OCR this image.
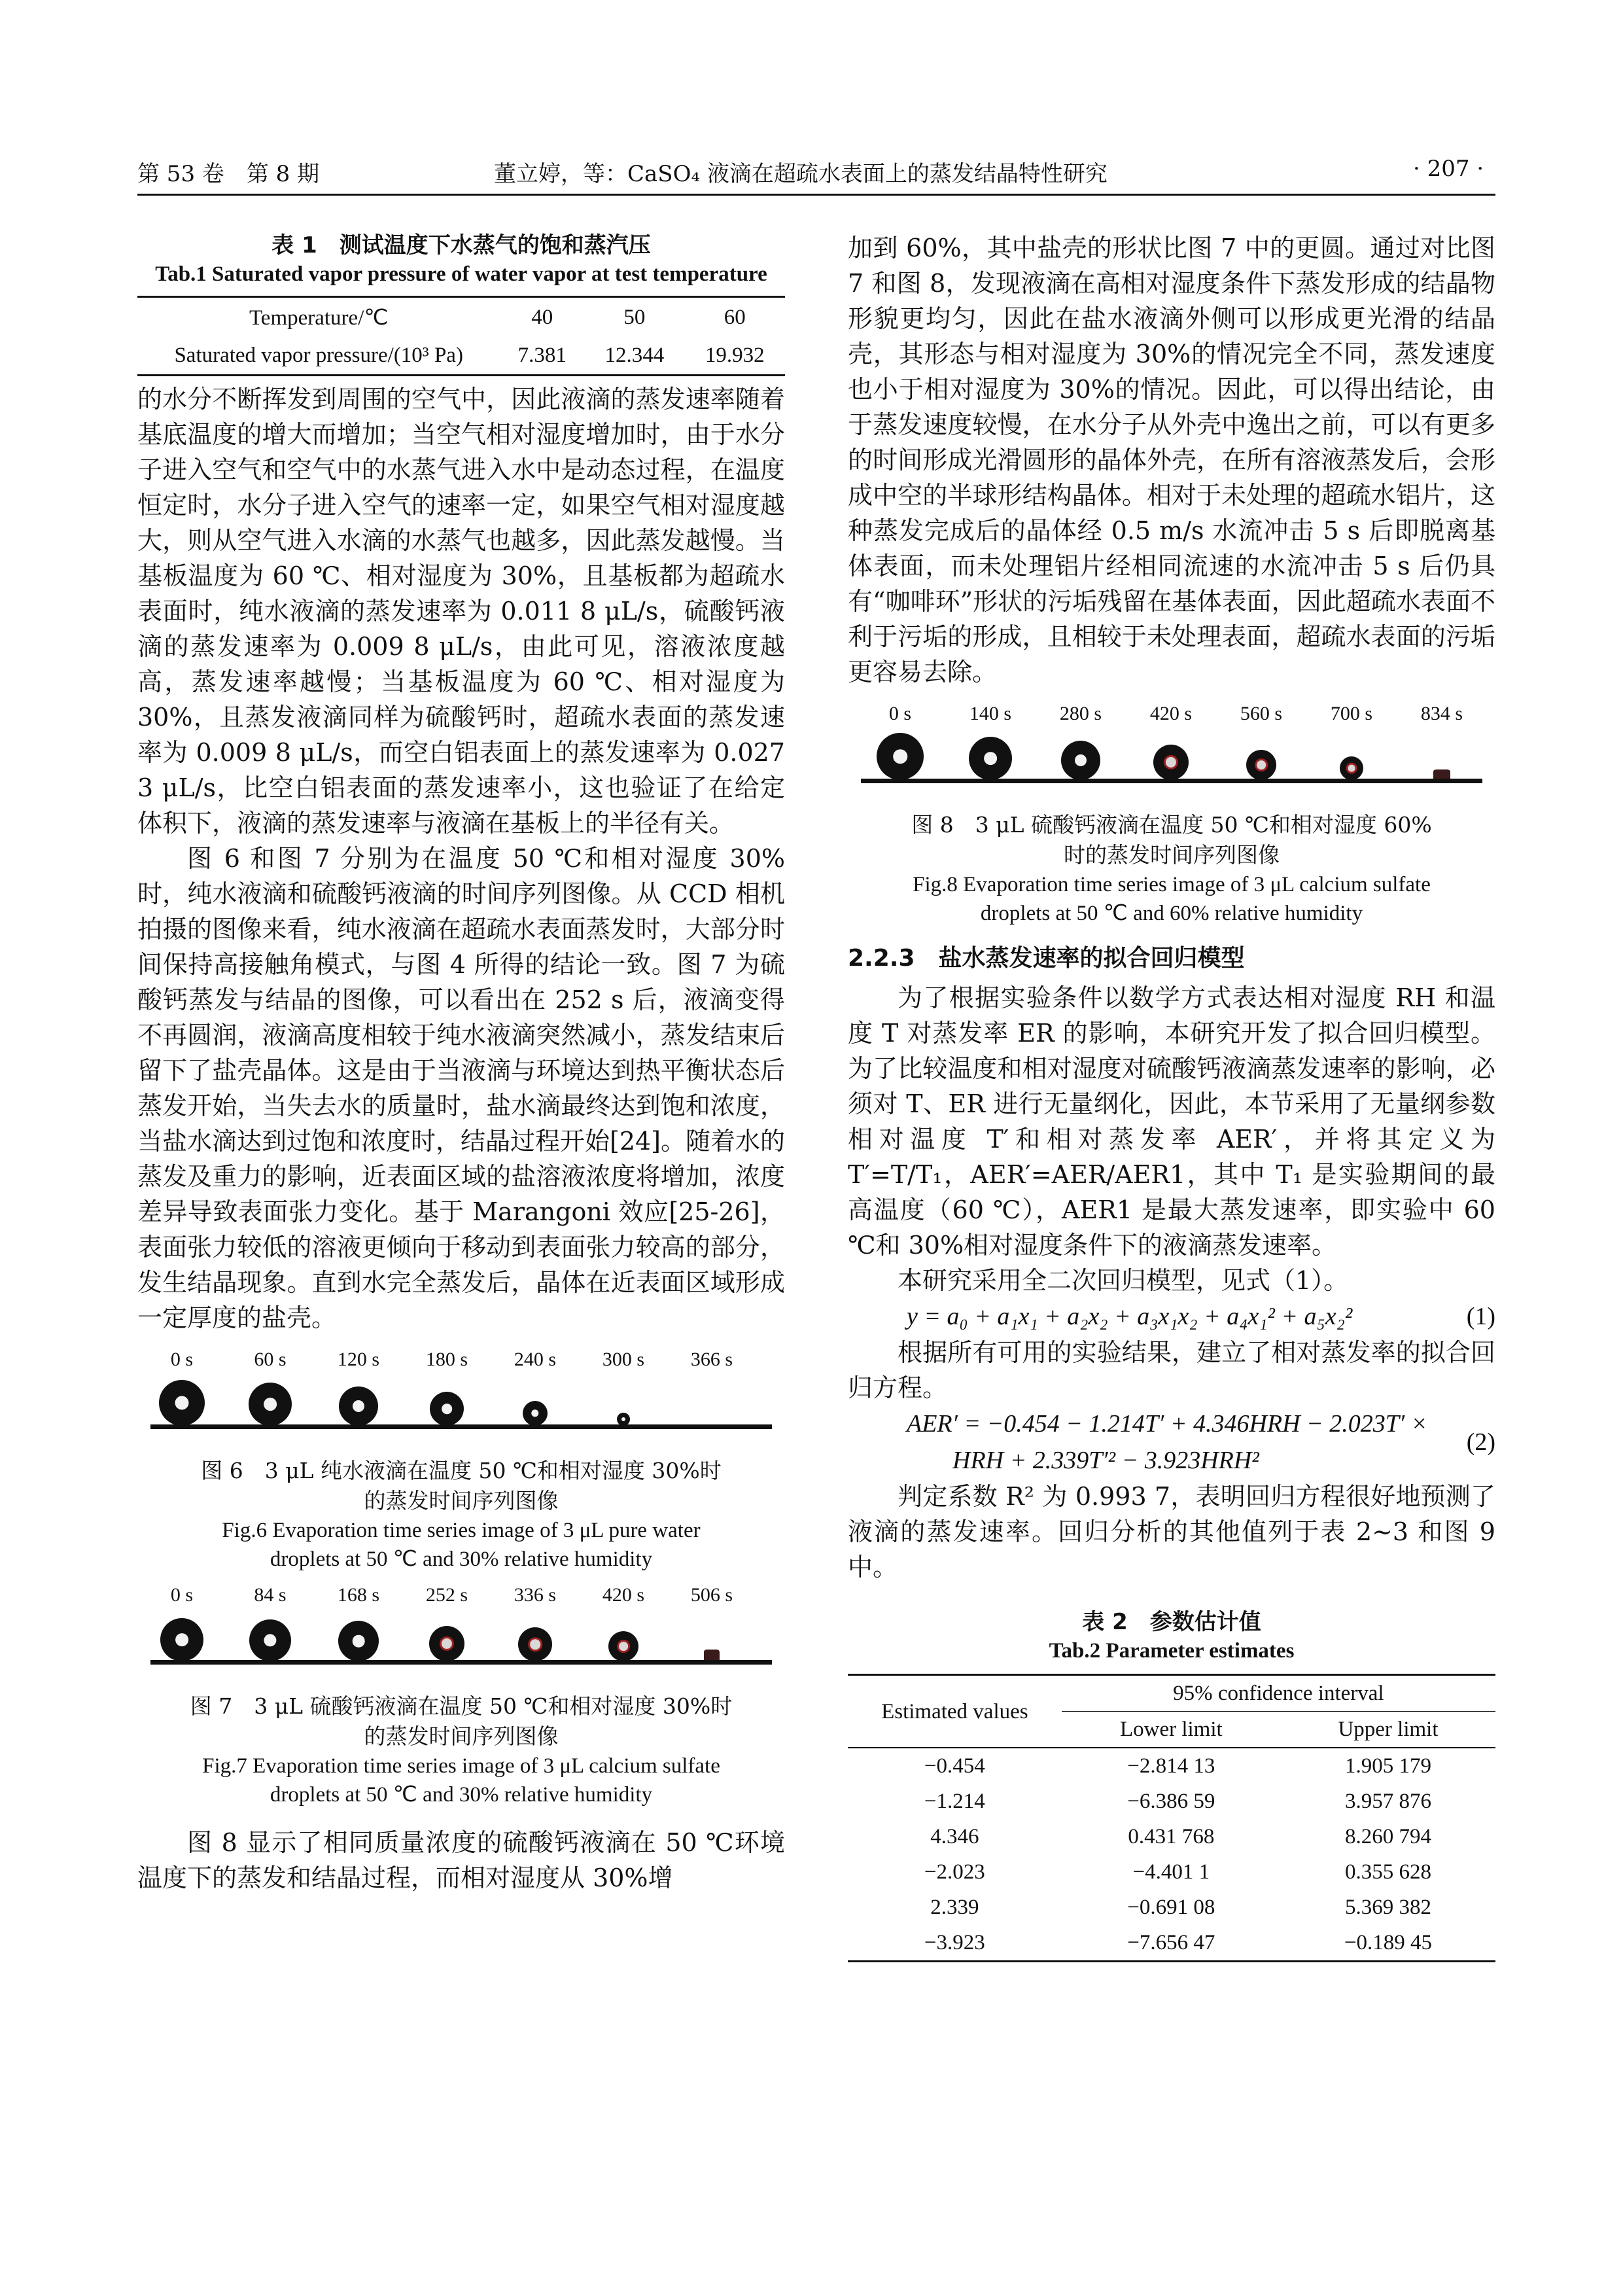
第 53 卷　第 8 期	董立婷，等：CaSO₄ 液滴在超疏水表面上的蒸发结晶特性研究	· 207 ·
表 1　测试温度下水蒸气的饱和蒸汽压
Tab.1 Saturated vapor pressure of water vapor at test temperature
Temperature/℃	40	50	60
Saturated vapor pressure/(10³ Pa)	7.381	12.344	19.932

的水分不断挥发到周围的空气中，因此液滴的蒸发速率随着基底温度的增大而增加；当空气相对湿度增加时，由于水分子进入空气和空气中的水蒸气进入水中是动态过程，在温度恒定时，水分子进入空气的速率一定，如果空气相对湿度越大，则从空气进入水滴的水蒸气也越多，因此蒸发越慢。当基板温度为 60 ℃、相对湿度为 30%，且基板都为超疏水表面时，纯水液滴的蒸发速率为 0.011 8 μL/s，硫酸钙液滴的蒸发速率为 0.009 8 μL/s，由此可见，溶液浓度越高，蒸发速率越慢；当基板温度为 60 ℃、相对湿度为 30%，且蒸发液滴同样为硫酸钙时，超疏水表面的蒸发速率为 0.009 8 μL/s，而空白铝表面上的蒸发速率为 0.027 3 μL/s，比空白铝表面的蒸发速率小，这也验证了在给定体积下，液滴的蒸发速率与液滴在基板上的半径有关。

图 6 和图 7 分别为在温度 50 ℃和相对湿度 30%时，纯水液滴和硫酸钙液滴的时间序列图像。从 CCD 相机拍摄的图像来看，纯水液滴在超疏水表面蒸发时，大部分时间保持高接触角模式，与图 4 所得的结论一致。图 7 为硫酸钙蒸发与结晶的图像，可以看出在 252 s 后，液滴变得不再圆润，液滴高度相较于纯水液滴突然减小，蒸发结束后留下了盐壳晶体。这是由于当液滴与环境达到热平衡状态后蒸发开始，当失去水的质量时，盐水滴最终达到饱和浓度，当盐水滴达到过饱和浓度时，结晶过程开始[24]。随着水的蒸发及重力的影响，近表面区域的盐溶液浓度将增加，浓度差异导致表面张力变化。基于 Marangoni 效应[25-26]，表面张力较低的溶液更倾向于移动到表面张力较高的部分，发生结晶现象。直到水完全蒸发后，晶体在近表面区域形成一定厚度的盐壳。

0 s	60 s	120 s 180 s 240 s 300 s 366 s
图 6　3 μL 纯水液滴在温度 50 ℃和相对湿度 30%时
的蒸发时间序列图像
Fig.6 Evaporation time series image of 3 μL pure water
droplets at 50 ℃ and 30% relative humidity
0 s	84 s	168 s 252 s 336 s 420 s 506 s
图 7　3 μL 硫酸钙液滴在温度 50 ℃和相对湿度 30%时
的蒸发时间序列图像
Fig.7 Evaporation time series image of 3 μL calcium sulfate
droplets at 50 ℃ and 30% relative humidity

图 8 显示了相同质量浓度的硫酸钙液滴在 50 ℃环境温度下的蒸发和结晶过程，而相对湿度从 30%增

加到 60%，其中盐壳的形状比图 7 中的更圆。通过对比图 7 和图 8，发现液滴在高相对湿度条件下蒸发形成的结晶物形貌更均匀，因此在盐水液滴外侧可以形成更光滑的结晶壳，其形态与相对湿度为 30%的情况完全不同，蒸发速度也小于相对湿度为 30%的情况。因此，可以得出结论，由于蒸发速度较慢，在水分子从外壳中逸出之前，可以有更多的时间形成光滑圆形的晶体外壳，在所有溶液蒸发后，会形成中空的半球形结构晶体。相对于未处理的超疏水铝片，这种蒸发完成后的晶体经 0.5 m/s 水流冲击 5 s 后即脱离基体表面，而未处理铝片经相同流速的水流冲击 5 s 后仍具有“咖啡环”形状的污垢残留在基体表面，因此超疏水表面不利于污垢的形成，且相较于未处理表面，超疏水表面的污垢更容易去除。

0 s	140 s 280 s 420 s 560 s 700 s 834 s
图 8　3 μL 硫酸钙液滴在温度 50 ℃和相对湿度 60%
时的蒸发时间序列图像
Fig.8 Evaporation time series image of 3 μL calcium sulfate
droplets at 50 ℃ and 60% relative humidity
2.2.3　盐水蒸发速率的拟合回归模型

为了根据实验条件以数学方式表达相对湿度 RH 和温度 T 对蒸发率 ER 的影响，本研究开发了拟合回归模型。为了比较温度和相对湿度对硫酸钙液滴蒸发速率的影响，必须对 T、ER 进行无量纲化，因此，本节采用了无量纲参数相对温度 T′和相对蒸发率 AER′，并将其定义为 T′=T/T₁，AER′=AER/AER1，其中 T₁ 是实验期间的最高温度（60 ℃），AER1 是最大蒸发速率，即实验中 60 ℃和 30%相对湿度条件下的液滴蒸发速率。

本研究采用全二次回归模型，见式（1）。

y = a₀ + a₁x₁ + a₂x₂ + a₃x₁x₂ + a₄x₁² + a₅x₂²	(1)

根据所有可用的实验结果，建立了相对蒸发率的拟合回归方程。

AER′ = −0.454 − 1.214T′ + 4.346HRH − 2.023T′ ×
HRH + 2.339T′² − 3.923HRH²
(2)

判定系数 R² 为 0.993 7，表明回归方程很好地预测了液滴的蒸发速率。回归分析的其他值列于表 2~3 和图 9 中。

表 2　参数估计值
Tab.2 Parameter estimates
Estimated values	95% confidence interval	
	Lower limit	Upper limit
−0.454	−2.814 13	1.905 179
−1.214	−6.386 59	3.957 876
4.346	0.431 768	8.260 794
−2.023	−4.401 1	0.355 628
2.339	−0.691 08	5.369 382
−3.923	−7.656 47	−0.189 45
